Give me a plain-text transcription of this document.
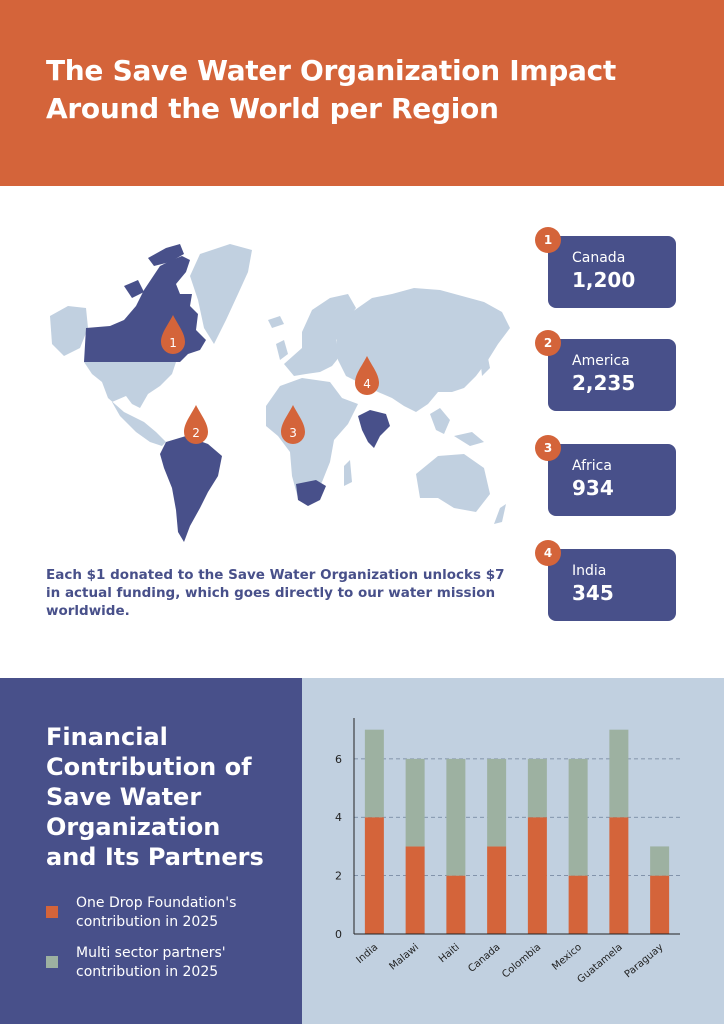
The Save Water Organization Impact Around the World per Region
1
2	3
4

Each $1 donated to the Save Water Organization unlocks $7 in actual funding, which goes directly to our water mission worldwide.

Canada
1,200
1
America
2,235
2
Africa
934
3
India
345
4
Financial Contribution of Save Water Organization and Its Partners
One Drop Foundation's contribution in 2025
Multi sector partners' contribution in 2025
0
2
4
6
India Malawi Haiti Canada
Colombia Mexico
Guatamela
Paraguay
